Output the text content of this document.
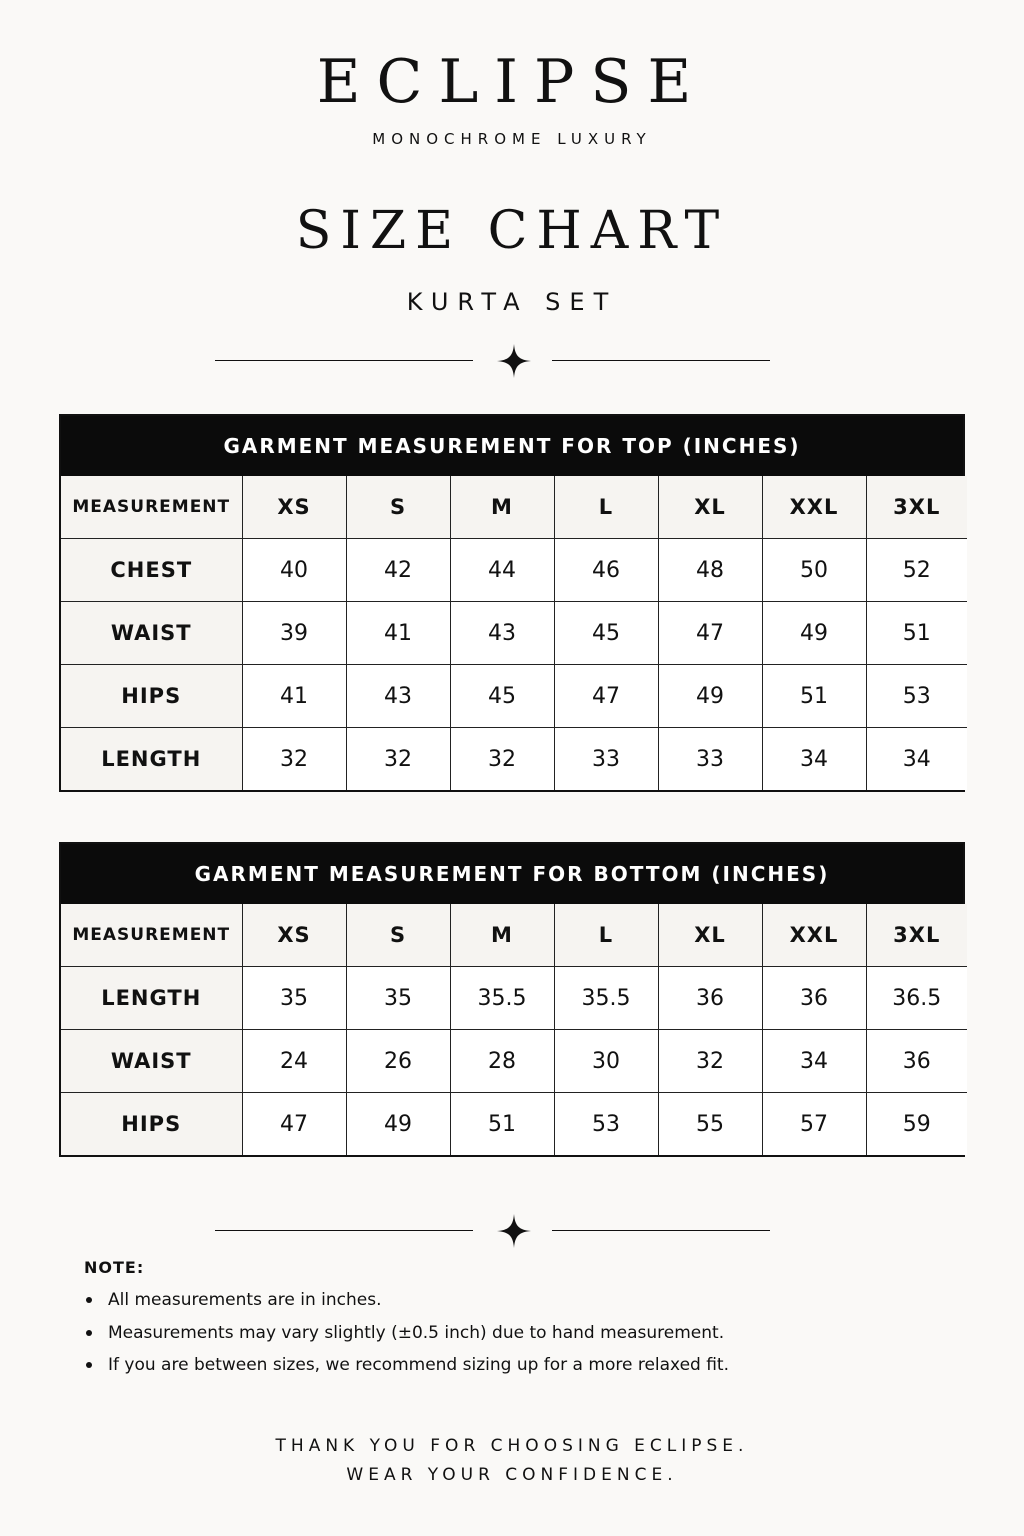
ECLIPSE
MONOCHROME LUXURY
SIZE CHART
KURTA SET
GARMENT MEASUREMENT FOR TOP (INCHES)
MEASUREMENT	XS	S	M	L	XL	XXL	3XL
CHEST	40	42	44	46	48	50	52
WAIST	39	41	43	45	47	49	51
HIPS	41	43	45	47	49	51	53
LENGTH	32	32	32	33	33	34	34
GARMENT MEASUREMENT FOR BOTTOM (INCHES)
MEASUREMENT	XS	S	M	L	XL	XXL	3XL
LENGTH	35	35	35.5	35.5	36	36	36.5
WAIST	24	26	28	30	32	34	36
HIPS	47	49	51	53	55	57	59
NOTE:
All measurements are in inches.
Measurements may vary slightly (±0.5 inch) due to hand measurement.
If you are between sizes, we recommend sizing up for a more relaxed fit.
THANK YOU FOR CHOOSING ECLIPSE.
WEAR YOUR CONFIDENCE.
